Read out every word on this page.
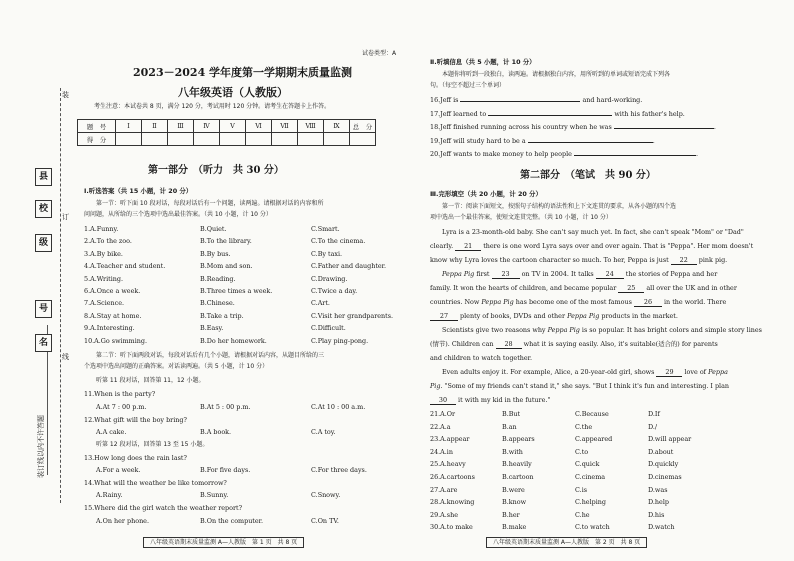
装
订
线
县
校
级
号
名
装订线以内不许答题
试卷类型：A
2023－2024 学年度第一学期期末质量监测
八年级英语（人教版）
考生注意：本试卷共 8 页，满分 120 分，考试用时 120 分钟。请考生在答题卡上作答。
题　号	Ⅰ	Ⅱ	Ⅲ	Ⅳ	Ⅴ	Ⅵ	Ⅶ	Ⅷ	Ⅸ	总　分
得　分										
第一部分　（听力　共 30 分）
Ⅰ.听选答案（共 15 小题，计 20 分）
第一节：听下面 10 段对话，每段对话后有一个问题，读两遍。请根据对话的内容和所
问问题，从所给的三个选项中选出最佳答案。（共 10 小题，计 10 分）
1.A.Funny.	B.Quiet.	C.Smart.
2.A.To the zoo.	B.To the library.	C.To the cinema.
3.A.By bike.	B.By bus.	C.By taxi.
4.A.Teacher and student.	B.Mom and son.	C.Father and daughter.
5.A.Writing.	B.Reading.	C.Drawing.
6.A.Once a week.	B.Three times a week.	C.Twice a day.
7.A.Science.	B.Chinese.	C.Art.
8.A.Stay at home.	B.Take a trip.	C.Visit her grandparents.
9.A.Interesting.	B.Easy.	C.Difficult.
10.A.Go swimming.	B.Do her homework.	C.Play ping-pong.
第二节：听下面两段对话，每段对话后有几个小题，请根据对话内容，从题目所给的三
个选项中选出问题的正确答案。对话读两遍。（共 5 小题，计 10 分）
听第 11 段对话，回答第 11，12 小题。
11.When is the party?
A.At 7 : 00 p.m.	B.At 5 : 00 p.m.	C.At 10 : 00 a.m.
12.What gift will the boy bring?
A.A cake.	B.A book.	C.A toy.
听第 12 段对话，回答第 13 至 15 小题。
13.How long does the rain last?
A.For a week.	B.For five days.	C.For three days.
14.What will the weather be like tomorrow?
A.Rainy.	B.Sunny.	C.Snowy.
15.Where did the girl watch the weather report?
A.On her phone.	B.On the computer.	C.On TV.
八年级英语期末质量监测 A—人教版　第 1 页　共 8 页
Ⅱ.听填信息（共 5 小题，计 10 分）
本题你将听到一段独白，读两遍。请根据独白内容，用所听到的单词或短语完成下列各
句。（每空不超过三个单词）
16.Jeff is	and hard-working.
17.Jeff learned to	with his father's help.
18.Jeff finished running across his country when he was	.
19.Jeff will study hard to be a	.
20.Jeff wants to make money to help people	.
第二部分　（笔试　共 90 分）
Ⅲ.完形填空（共 20 小题，计 20 分）
第一节：阅读下面短文，按照句子结构的语法性和上下文连贯的要求，从各小题的四个选
项中选出一个最佳答案，使短文连贯完整。（共 10 小题，计 10 分）
Lyra is a 23-month-old baby. She can't say much yet. In fact, she can't speak "Mom" or "Dad"
clearly. 21 there is one word Lyra says over and over again. That is "Peppa". Her mom doesn't
know why Lyra loves the cartoon character so much. To her, Peppa is just 22 pink pig.
Peppa Pig first 23 on TV in 2004. It talks 24 the stories of Peppa and her
family. It won the hearts of children, and became popular 25 all over the UK and in other
countries. Now Peppa Pig has become one of the most famous 26 in the world. There
27 plenty of books, DVDs and other Peppa Pig products in the market.
Scientists give two reasons why Peppa Pig is so popular. It has bright colors and simple story lines
(情节). Children can 28 what it is saying easily. Also, it's suitable(适合的) for parents
and children to watch together.
Even adults enjoy it. For example, Alice, a 20-year-old girl, shows 29 love of Peppa
Pig. "Some of my friends can't stand it," she says. "But I think it's fun and interesting. I plan
30 it with my kid in the future."
21.A.Or	B.But	C.Because	D.If
22.A.a	B.an	C.the	D./
23.A.appear	B.appears	C.appeared	D.will appear
24.A.in	B.with	C.to	D.about
25.A.heavy	B.heavily	C.quick	D.quickly
26.A.cartoons	B.cartoon	C.cinema	D.cinemas
27.A.are	B.were	C.is	D.was
28.A.knowing	B.know	C.helping	D.help
29.A.she	B.her	C.he	D.his
30.A.to make	B.make	C.to watch	D.watch
八年级英语期末质量监测 A—人教版　第 2 页　共 8 页
